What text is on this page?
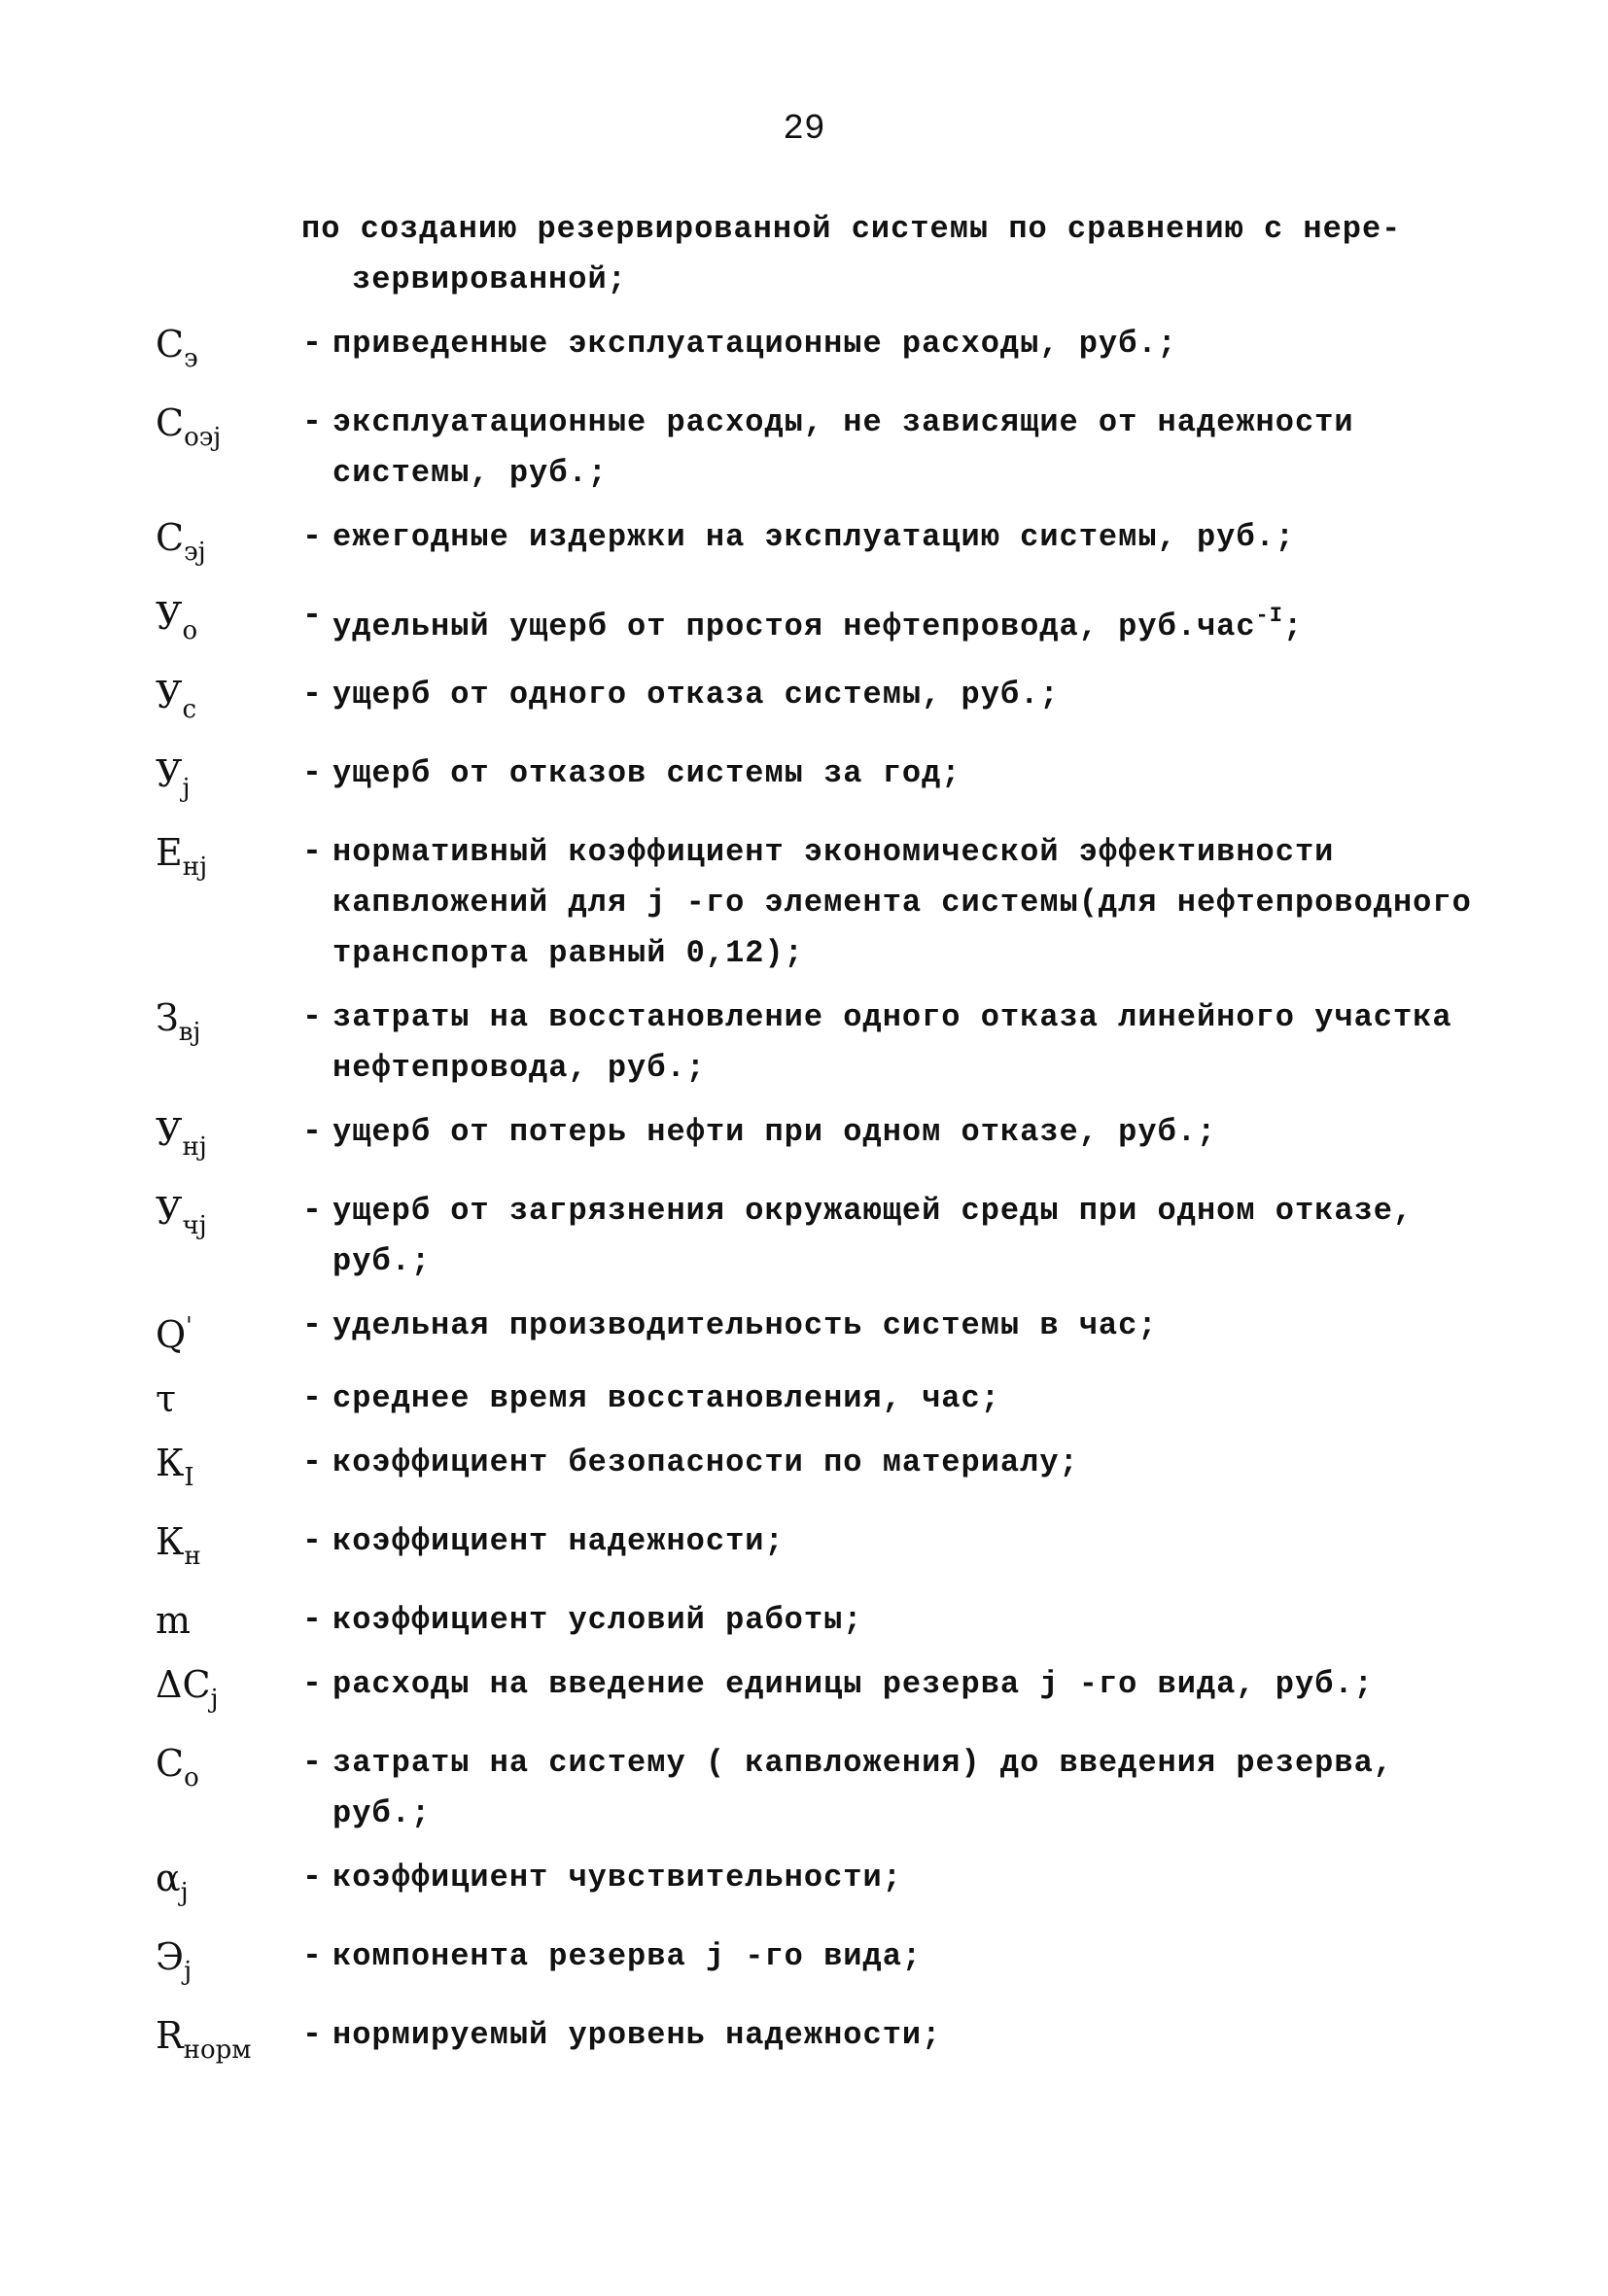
29
по созданию резервированной системы по сравнению с нере-
зервированной;
$С_э$	- приведенные эксплуатационные расходы, руб.;
$С_{оэj}$	- эксплуатационные расходы, не зависящие от надежности системы, руб.;
$С_{эj}$	- ежегодные издержки на эксплуатацию системы, руб.;
$У_о$	- удельный ущерб от простоя нефтепровода, руб.час$^{-I}$;
$У_с$	- ущерб от одного отказа системы, руб.;
$У_j$	- ущерб от отказов системы за год;
$Е_{нj}$	- нормативный коэффициент экономической эффективности капвложений для j -го элемента системы(для нефтепроводного транспорта равный 0,12);
$З_{вj}$	- затраты на восстановление одного отказа линейного участка нефтепровода, руб.;
$У_{нj}$	- ущерб от потерь нефти при одном отказе, руб.;
$У_{чj}$	- ущерб от загрязнения окружающей среды при одном отказе, руб.;
Q'	- удельная производительность системы в час;
τ	- среднее время восстановления, час;
$К_I$	- коэффициент безопасности по материалу;
$К_н$	- коэффициент надежности;
m	- коэффициент условий работы;
$\Delta С_j$	- расходы на введение единицы резерва j -го вида, руб.;
$С_о$	- затраты на систему ( капвложения) до введения резерва, руб.;
$\alpha_j$	- коэффициент чувствительности;
$Э_j$	- компонента резерва j -го вида;
$R_{норм}$	- нормируемый уровень надежности;
